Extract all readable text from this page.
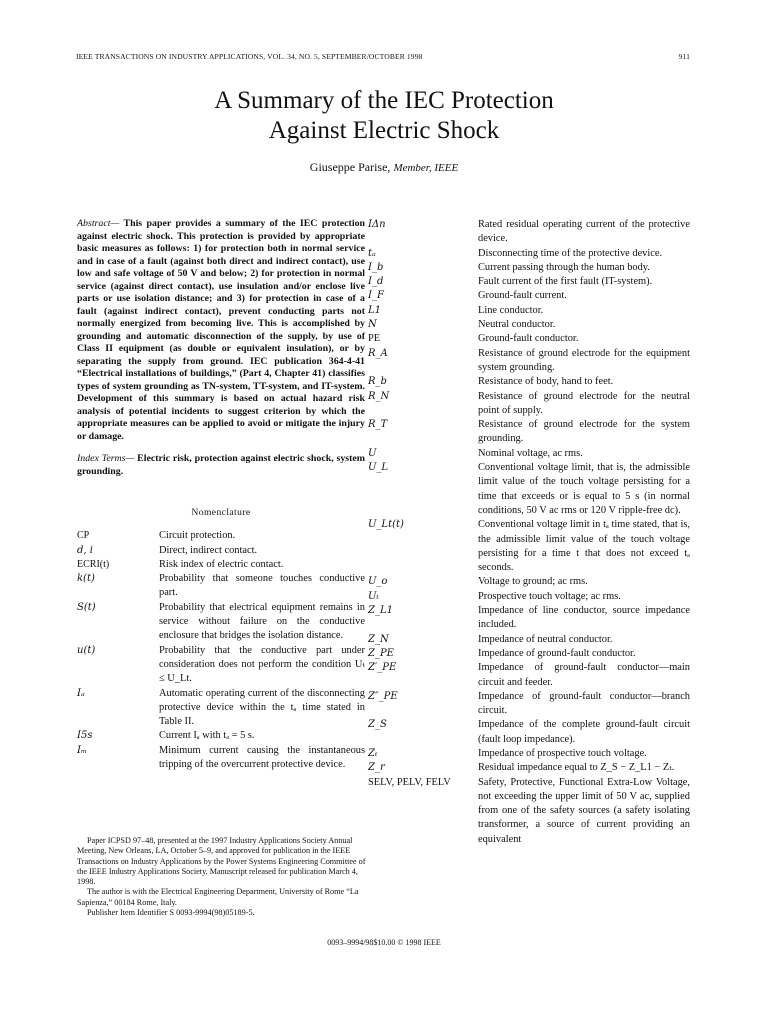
IEEE TRANSACTIONS ON INDUSTRY APPLICATIONS, VOL. 34, NO. 5, SEPTEMBER/OCTOBER 1998	911
A Summary of the IEC Protection
Against Electric Shock
Giuseppe Parise, Member, IEEE

Abstract— This paper provides a summary of the IEC protection against electric shock. This protection is provided by appropriate basic measures as follows: 1) for protection both in normal service and in case of a fault (against both direct and indirect contact), use low and safe voltage of 50 V and below; 2) for protection in normal service (against direct contact), use insulation and/or enclose live parts or use isolation distance; and 3) for protection in case of a fault (against indirect contact), prevent conducting parts not normally energized from becoming live. This is accomplished by grounding and automatic disconnection of the supply, by use of Class II equipment (as double or equivalent insulation), or by separating the supply from ground. IEC publication 364-4-41 “Electrical installations of buildings,” (Part 4, Chapter 41) classifies types of system grounding as TN-system, TT-system, and IT-system. Development of this summary is based on actual hazard risk analysis of potential incidents to suggest criterion by which the appropriate measures can be applied to avoid or mitigate the injury or damage.

Index Terms— Electric risk, protection against electric shock, system grounding.

Nomenclature
CP	Circuit protection.
d, i	Direct, indirect contact.
ECRI(t)	Risk index of electric contact.
k(t)	Probability that someone touches conductive part.
S(t)	Probability that electrical equipment remains in service without failure on the conductive enclosure that bridges the isolation distance.
u(t)	Probability that the conductive part under consideration does not perform the condition Uₜ ≤ U_Lt.
Iₐ	Automatic operating current of the disconnecting protective device within the tₐ time stated in Table II.
I5s	Current Iₐ with tₐ = 5 s.
Iₘ	Minimum current causing the instantaneous tripping of the overcurrent protective device.
IΔn	Rated residual operating current of the protective device.
tₐ	Disconnecting time of the protective device.
I_b	Current passing through the human body.
I_d	Fault current of the first fault (IT-system).
I_F	Ground-fault current.
L1	Line conductor.
N	Neutral conductor.
PE	Ground-fault conductor.
R_A	Resistance of ground electrode for the equipment system grounding.
R_b	Resistance of body, hand to feet.
R_N	Resistance of ground electrode for the neutral point of supply.
R_T	Resistance of ground electrode for the system grounding.
U	Nominal voltage, ac rms.
U_L	Conventional voltage limit, that is, the admissible limit value of the touch voltage persisting for a time that exceeds or is equal to 5 s (in normal conditions, 50 V ac rms or 120 V ripple-free dc).
U_Lt(t)	Conventional voltage limit in tₐ time stated, that is, the admissible limit value of the touch voltage persisting for a time t that does not exceed tₐ seconds.
U_o	Voltage to ground; ac rms.
Uₜ	Prospective touch voltage; ac rms.
Z_L1	Impedance of line conductor, source impedance included.
Z_N	Impedance of neutral conductor.
Z_PE	Impedance of ground-fault conductor.
Z′_PE	Impedance of ground-fault conductor—main circuit and feeder.
Z″_PE	Impedance of ground-fault conductor—branch circuit.
Z_S	Impedance of the complete ground-fault circuit (fault loop impedance).
Zₜ	Impedance of prospective touch voltage.
Z_r	Residual impedance equal to Z_S − Z_L1 − Zₜ.
SELV, PELV, FELV	Safety, Protective, Functional Extra-Low Voltage, not exceeding the upper limit of 50 V ac, supplied from one of the safety sources (a safety isolating transformer, a source of current providing an equivalent

Paper ICPSD 97–48, presented at the 1997 Industry Applications Society Annual Meeting, New Orleans, LA, October 5–9, and approved for publication in the IEEE Transactions on Industry Applications by the Power Systems Engineering Committee of the IEEE Industry Applications Society. Manuscript released for publication March 4, 1998.

The author is with the Electrical Engineering Department, University of Rome “La Sapienza,” 00184 Rome, Italy.

Publisher Item Identifier S 0093-9994(98)05189-5.

0093–9994/98$10.00 © 1998 IEEE
